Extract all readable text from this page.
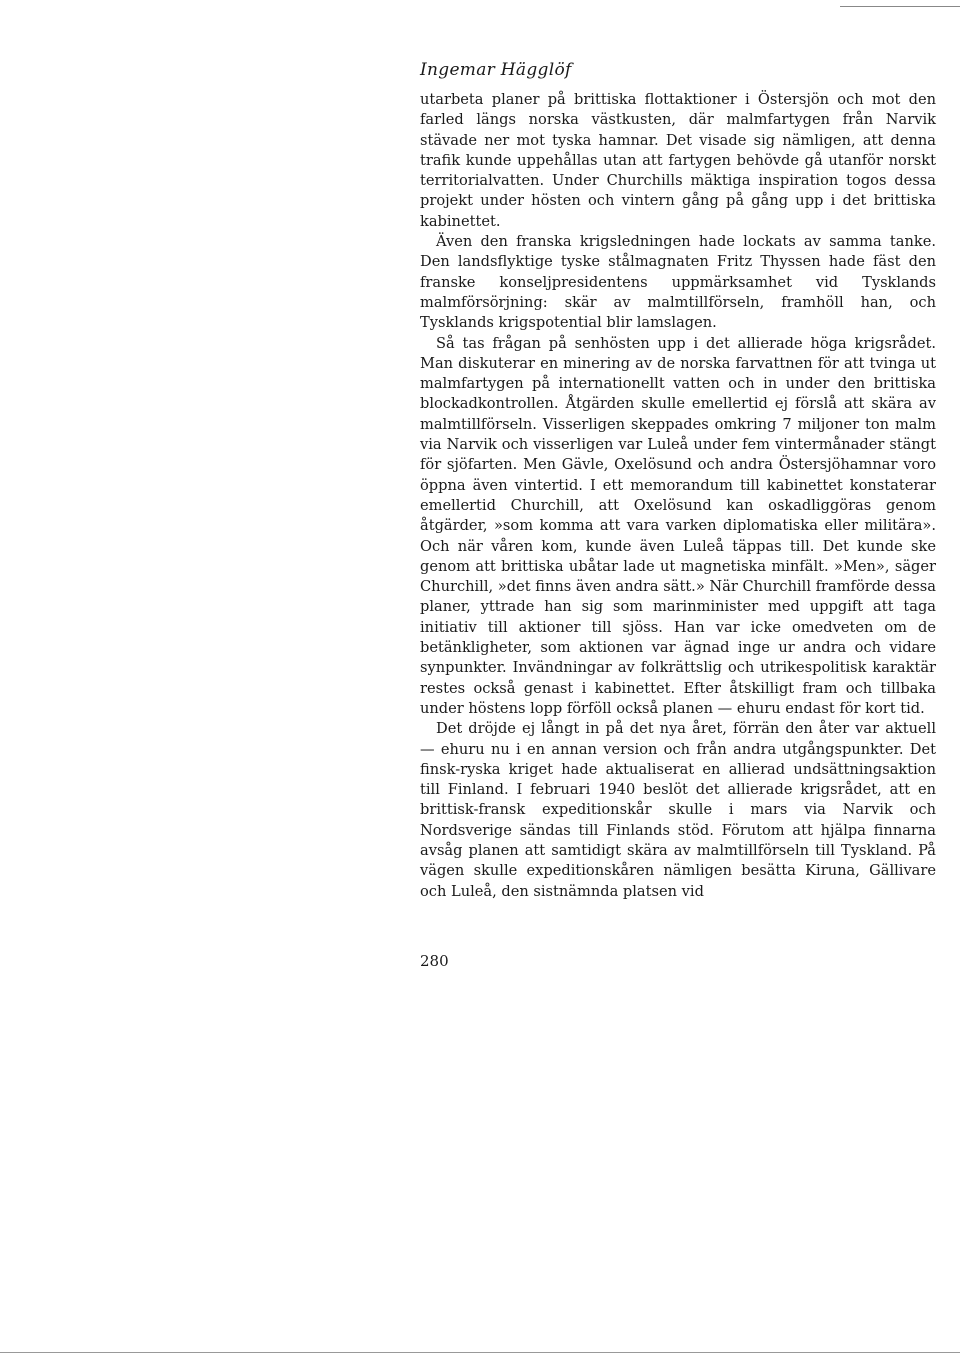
Ingemar Hägglöf

utarbeta planer på brittiska flottaktioner i Östersjön och mot den farled längs norska västkusten, där malmfartygen från Narvik stävade ner mot tyska hamnar. Det visade sig nämligen, att denna trafik kunde uppehållas utan att fartygen behövde gå utanför norskt territorialvatten. Under Churchills mäktiga inspiration togos dessa projekt under hösten och vintern gång på gång upp i det brittiska kabinettet.

Även den franska krigsledningen hade lockats av samma tanke. Den landsflyktige tyske stålmagnaten Fritz Thyssen hade fäst den franske konseljpresidentens uppmärksamhet vid Tysklands malmförsörjning: skär av malmtillförseln, framhöll han, och Tysklands krigspotential blir lamslagen.

Så tas frågan på senhösten upp i det allierade höga krigsrådet. Man diskuterar en minering av de norska farvattnen för att tvinga ut malmfartygen på internationellt vatten och in under den brittiska blockadkontrollen. Åtgärden skulle emellertid ej förslå att skära av malmtillförseln. Visserligen skeppades omkring 7 miljoner ton malm via Narvik och visserligen var Luleå under fem vintermånader stängt för sjöfarten. Men Gävle, Oxelösund och andra Östersjöhamnar voro öppna även vintertid. I ett memorandum till kabinettet konstaterar emellertid Churchill, att Oxelösund kan oskadliggöras genom åtgärder, »som komma att vara varken diplomatiska eller militära». Och när våren kom, kunde även Luleå täppas till. Det kunde ske genom att brittiska ubåtar lade ut magnetiska minfält. »Men», säger Churchill, »det finns även andra sätt.» När Churchill framförde dessa planer, yttrade han sig som marinminister med uppgift att taga initiativ till aktioner till sjöss. Han var icke omedveten om de betänkligheter, som aktionen var ägnad inge ur andra och vidare synpunkter. Invändningar av folkrättslig och utrikespolitisk karaktär restes också genast i kabinettet. Efter åtskilligt fram och tillbaka under höstens lopp förföll också planen — ehuru endast för kort tid.

Det dröjde ej långt in på det nya året, förrän den åter var aktuell — ehuru nu i en annan version och från andra utgångspunkter. Det finsk-ryska kriget hade aktualiserat en allierad undsättningsaktion till Finland. I februari 1940 beslöt det allierade krigsrådet, att en brittisk-fransk expeditionskår skulle i mars via Narvik och Nordsverige sändas till Finlands stöd. Förutom att hjälpa finnarna avsåg planen att samtidigt skära av malmtillförseln till Tyskland. På vägen skulle expeditionskåren nämligen besätta Kiruna, Gällivare och Luleå, den sistnämnda platsen vid

280
